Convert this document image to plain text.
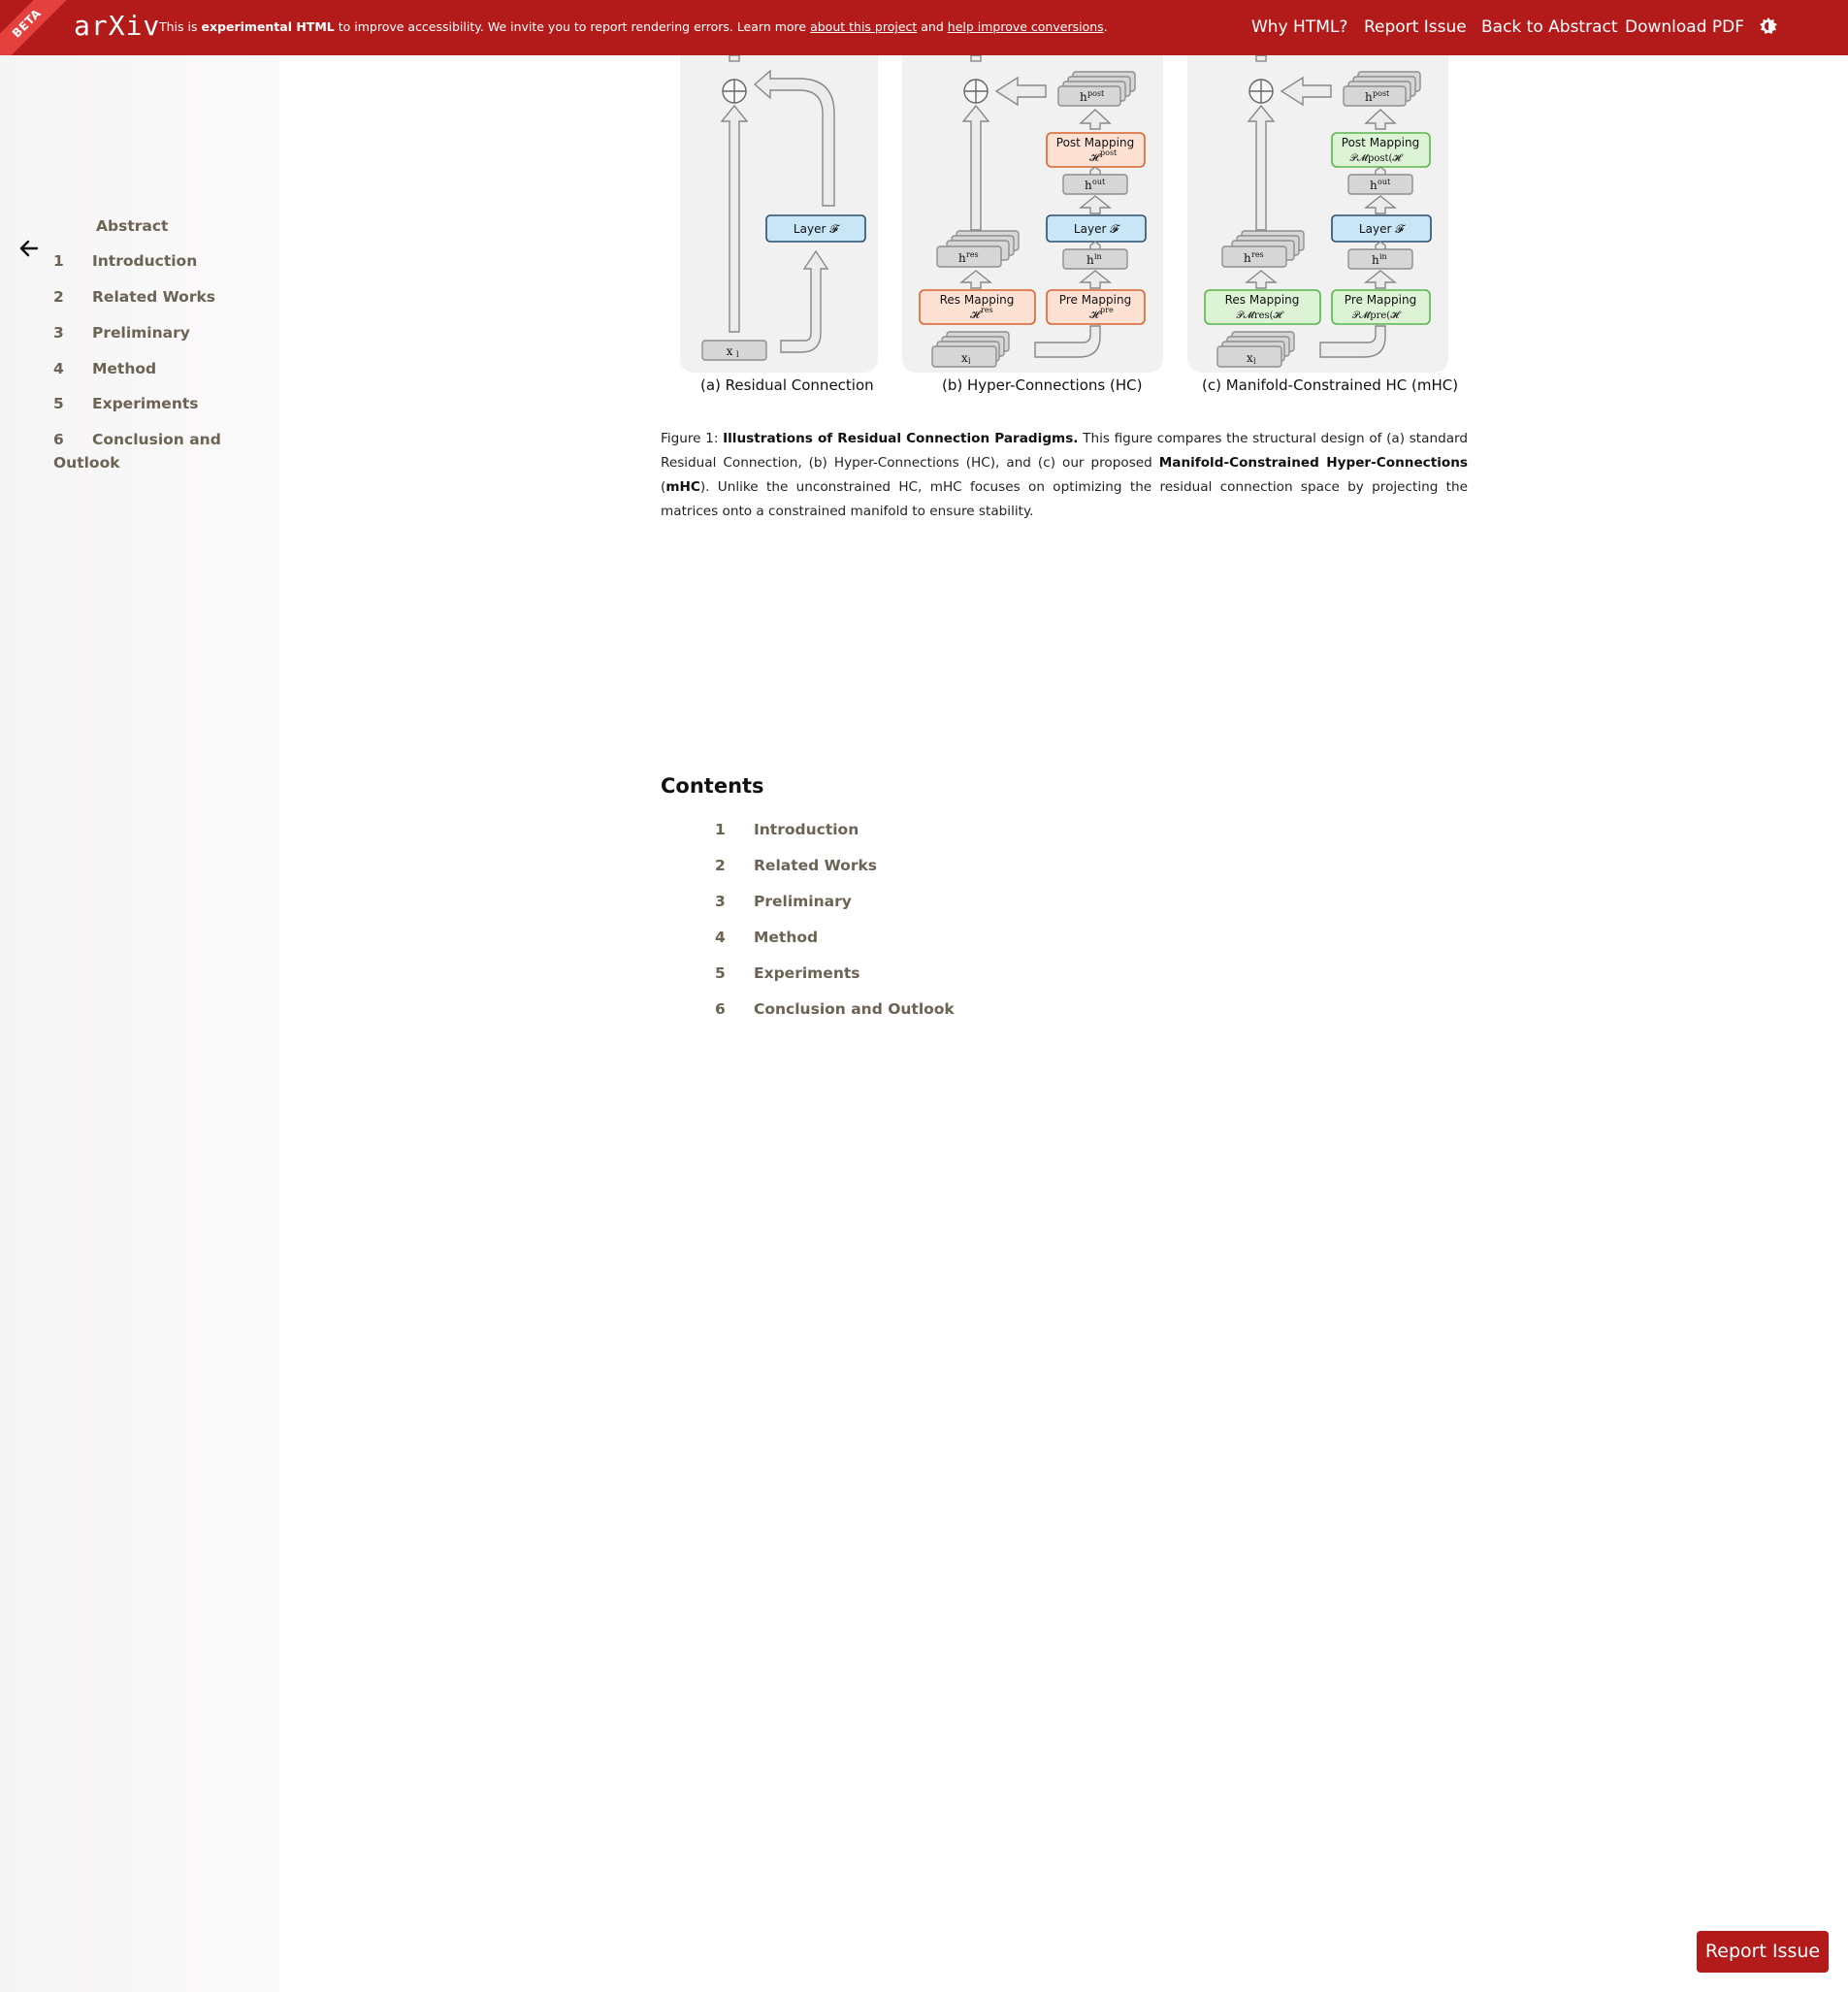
BETA	arXiv
This is experimental HTML to improve accessibility. We invite you to report rendering errors. Learn more about this project and help improve conversions.	Why HTML? Report Issue Back to Abstract Download PDF
Abstract
1 Introduction
2 Related Works
3 Preliminary
4 Method
5 Experiments
6 Conclusion and
Outlook
Layer 𝓕
x l
h post
Post Mapping
𝓗 post
h out
Layer 𝓕
h in
Pre Mapping
𝓗 pre
h res
Res Mapping
𝓗 res
x l
h post
Post Mapping
𝒫𝓜post(𝓗
h out
Layer 𝓕
h in
Pre Mapping
𝒫𝓜pre(𝓗
h res
Res Mapping
𝒫𝓜res(𝓗
x l
(a) Residual Connection	(b) Hyper-Connections (HC)	(c) Manifold-Constrained HC (mHC)
Figure 1: Illustrations of Residual Connection Paradigms. This figure compares the structural design of (a) standard Residual Connection, (b) Hyper-Connections (HC), and (c) our proposed Manifold-Constrained Hyper-Connections (mHC). Unlike the unconstrained HC, mHC focuses on optimizing the residual connection space by projecting the matrices onto a constrained manifold to ensure stability.
Contents
1 Introduction
2 Related Works
3 Preliminary
4 Method
5 Experiments
6 Conclusion and Outlook
Report Issue
